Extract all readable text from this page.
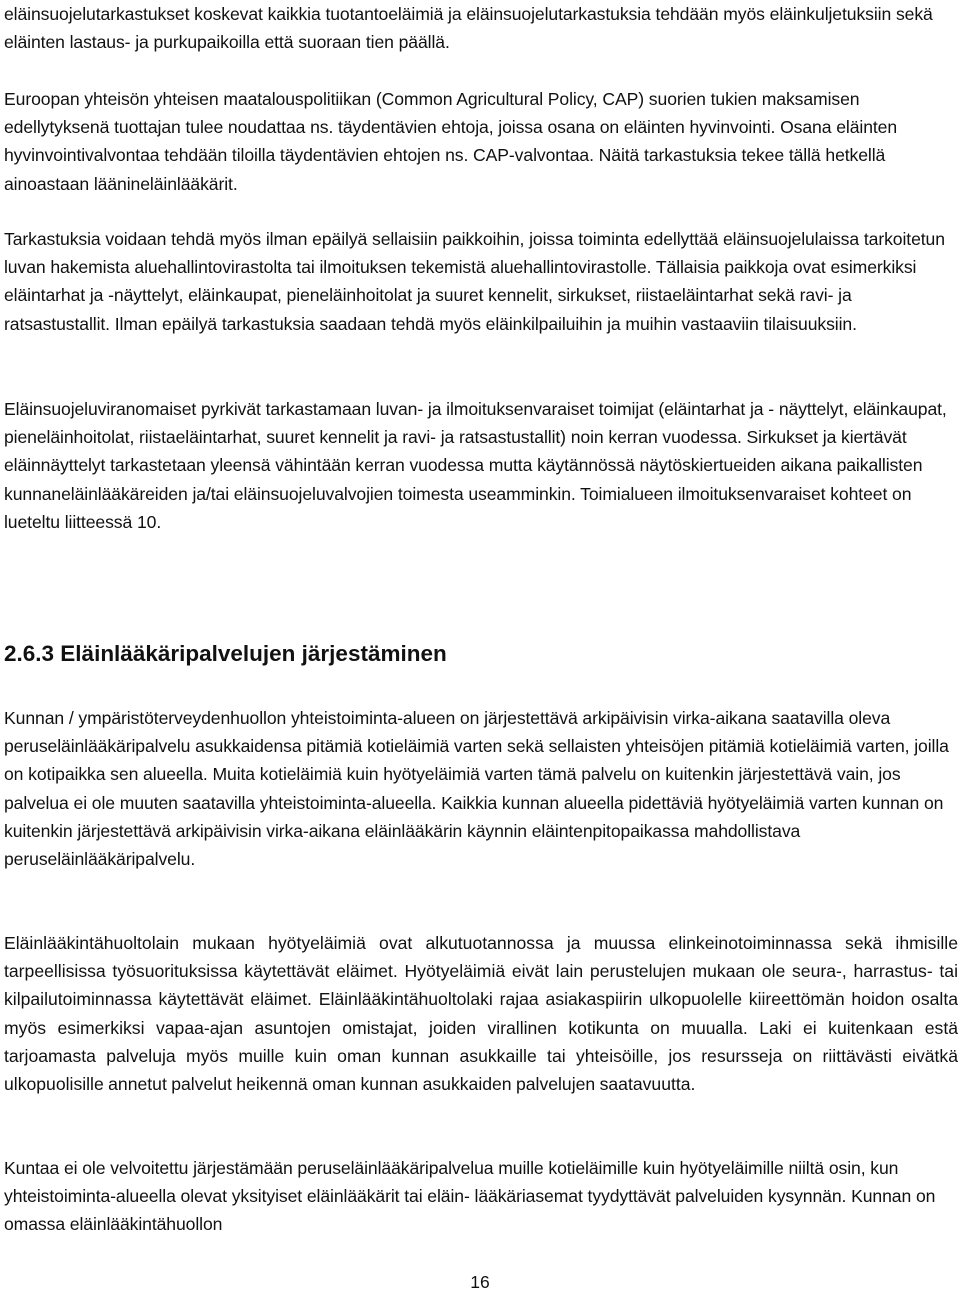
eläinsuojelutarkastukset koskevat kaikkia tuotantoeläimiä ja eläinsuojelutarkastuksia tehdään myös eläinkuljetuksiin sekä eläinten lastaus- ja purkupaikoilla että suoraan tien päällä.

Euroopan yhteisön yhteisen maatalouspolitiikan (Common Agricultural Policy, CAP) suorien tukien maksamisen edellytyksenä tuottajan tulee noudattaa ns. täydentävien ehtoja, joissa osana on eläinten hyvinvointi. Osana eläinten hyvinvointivalvontaa tehdään tiloilla täydentävien ehtojen ns. CAP-valvontaa. Näitä tarkastuksia tekee tällä hetkellä ainoastaan läänineläinlääkärit.

Tarkastuksia voidaan tehdä myös ilman epäilyä sellaisiin paikkoihin, joissa toiminta edellyttää eläinsuojelulaissa tarkoitetun luvan hakemista aluehallintovirastolta tai ilmoituksen tekemistä aluehallintovirastolle. Tällaisia paikkoja ovat esimerkiksi eläintarhat ja -näyttelyt, eläinkaupat, pieneläinhoitolat ja suuret kennelit, sirkukset, riistaeläintarhat sekä ravi- ja ratsastustallit. Ilman epäilyä tarkastuksia saadaan tehdä myös eläinkilpailuihin ja muihin vastaaviin tilaisuuksiin.

Eläinsuojeluviranomaiset pyrkivät tarkastamaan luvan- ja ilmoituksenvaraiset toimijat (eläintarhat ja - näyttelyt, eläinkaupat, pieneläinhoitolat, riistaeläintarhat, suuret kennelit ja ravi- ja ratsastustallit) noin kerran vuodessa. Sirkukset ja kiertävät eläinnäyttelyt tarkastetaan yleensä vähintään kerran vuodessa mutta käytännössä näytöskiertueiden aikana paikallisten kunnaneläinlääkäreiden ja/tai eläinsuojeluvalvojien toimesta useamminkin. Toimialueen ilmoituksenvaraiset kohteet on lueteltu liitteessä 10.

2.6.3 Eläinlääkäripalvelujen järjestäminen

Kunnan / ympäristöterveydenhuollon yhteistoiminta-alueen on järjestettävä arkipäivisin virka-aikana saatavilla oleva peruseläinlääkäripalvelu asukkaidensa pitämiä kotieläimiä varten sekä sellaisten yhteisöjen pitämiä kotieläimiä varten, joilla on kotipaikka sen alueella. Muita kotieläimiä kuin hyötyeläimiä varten tämä palvelu on kuitenkin järjestettävä vain, jos palvelua ei ole muuten saatavilla yhteistoiminta-alueella. Kaikkia kunnan alueella pidettäviä hyötyeläimiä varten kunnan on kuitenkin järjestettävä arkipäivisin virka-aikana eläinlääkärin käynnin eläintenpitopaikassa mahdollistava peruseläinlääkäripalvelu.

Eläinlääkintähuoltolain mukaan hyötyeläimiä ovat alkutuotannossa ja muussa elinkeinotoiminnassa sekä ihmisille tarpeellisissa työsuorituksissa käytettävät eläimet. Hyötyeläimiä eivät lain perustelujen mukaan ole seura-, harrastus- tai kilpailutoiminnassa käytettävät eläimet. Eläinlääkintähuoltolaki rajaa asiakaspiirin ulkopuolelle kiireettömän hoidon osalta myös esimerkiksi vapaa-ajan asuntojen omistajat, joiden virallinen kotikunta on muualla. Laki ei kuitenkaan estä tarjoamasta palveluja myös muille kuin oman kunnan asukkaille tai yhteisöille, jos resursseja on riittävästi eivätkä ulkopuolisille annetut palvelut heikennä oman kunnan asukkaiden palvelujen saatavuutta.

Kuntaa ei ole velvoitettu järjestämään peruseläinlääkäripalvelua muille kotieläimille kuin hyötyeläimille niiltä osin, kun yhteistoiminta-alueella olevat yksityiset eläinlääkärit tai eläin- lääkäriasemat tyydyttävät palveluiden kysynnän. Kunnan on omassa eläinlääkintähuollon

16
